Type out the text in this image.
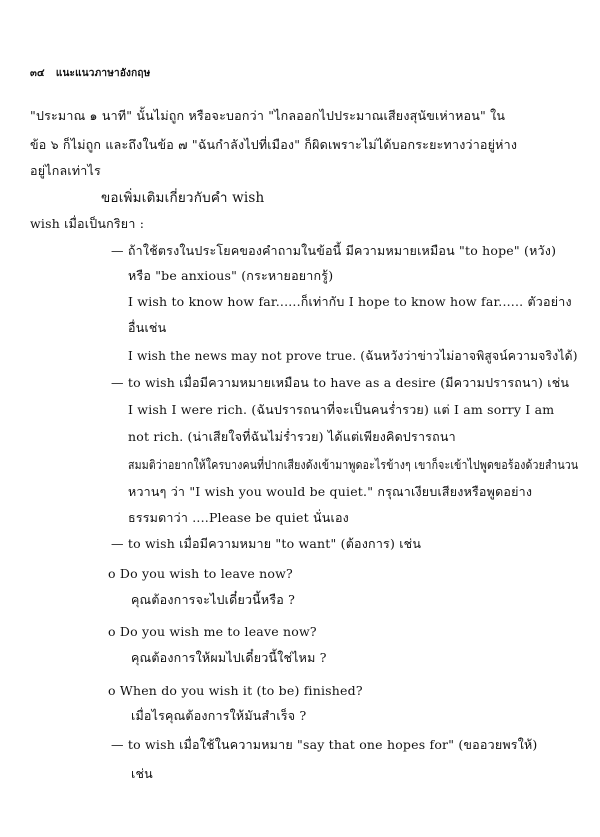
๓๔ แนะแนวภาษาอังกฤษ
"ประมาณ ๑ นาที" นั้นไม่ถูก หรือจะบอกว่า "ไกลออกไปประมาณเสียงสุนัขเห่าหอน" ใน
ข้อ ๖ ก็ไม่ถูก และถึงในข้อ ๗ "ฉันกำลังไปที่เมือง" ก็ผิดเพราะไม่ได้บอกระยะทางว่าอยู่ห่าง
อยู่ไกลเท่าไร
ขอเพิ่มเติมเกี่ยวกับคำ wish
wish เมื่อเป็นกริยา :
— ถ้าใช้ตรงในประโยคของคำถามในข้อนี้ มีความหมายเหมือน "to hope" (หวัง)
หรือ "be anxious" (กระหายอยากรู้)
I wish to know how far......ก็เท่ากับ I hope to know how far...... ตัวอย่าง
อื่นเช่น
I wish the news may not prove true. (ฉันหวังว่าข่าวไม่อาจพิสูจน์ความจริงได้)
— to wish เมื่อมีความหมายเหมือน to have as a desire (มีความปรารถนา) เช่น
I wish I were rich. (ฉันปรารถนาที่จะเป็นคนร่ำรวย) แต่ I am sorry I am
not rich. (น่าเสียใจที่ฉันไม่ร่ำรวย) ได้แต่เพียงคิดปรารถนา
สมมติว่าอยากให้ใครบางคนที่ปากเสียงดังเข้ามาพูดอะไรข้างๆ เขาก็จะเข้าไปพูดขอร้องด้วยสำนวน
หวานๆ ว่า "I wish you would be quiet." กรุณาเงียบเสียงหรือพูดอย่าง
ธรรมดาว่า ....Please be quiet นั่นเอง
— to wish เมื่อมีความหมาย "to want" (ต้องการ) เช่น
o Do you wish to leave now?
คุณต้องการจะไปเดี๋ยวนี้หรือ ?
o Do you wish me to leave now?
คุณต้องการให้ผมไปเดี๋ยวนี้ใช่ไหม ?
o When do you wish it (to be) finished?
เมื่อไรคุณต้องการให้มันสำเร็จ ?
— to wish เมื่อใช้ในความหมาย "say that one hopes for" (ขออวยพรให้)
เช่น
